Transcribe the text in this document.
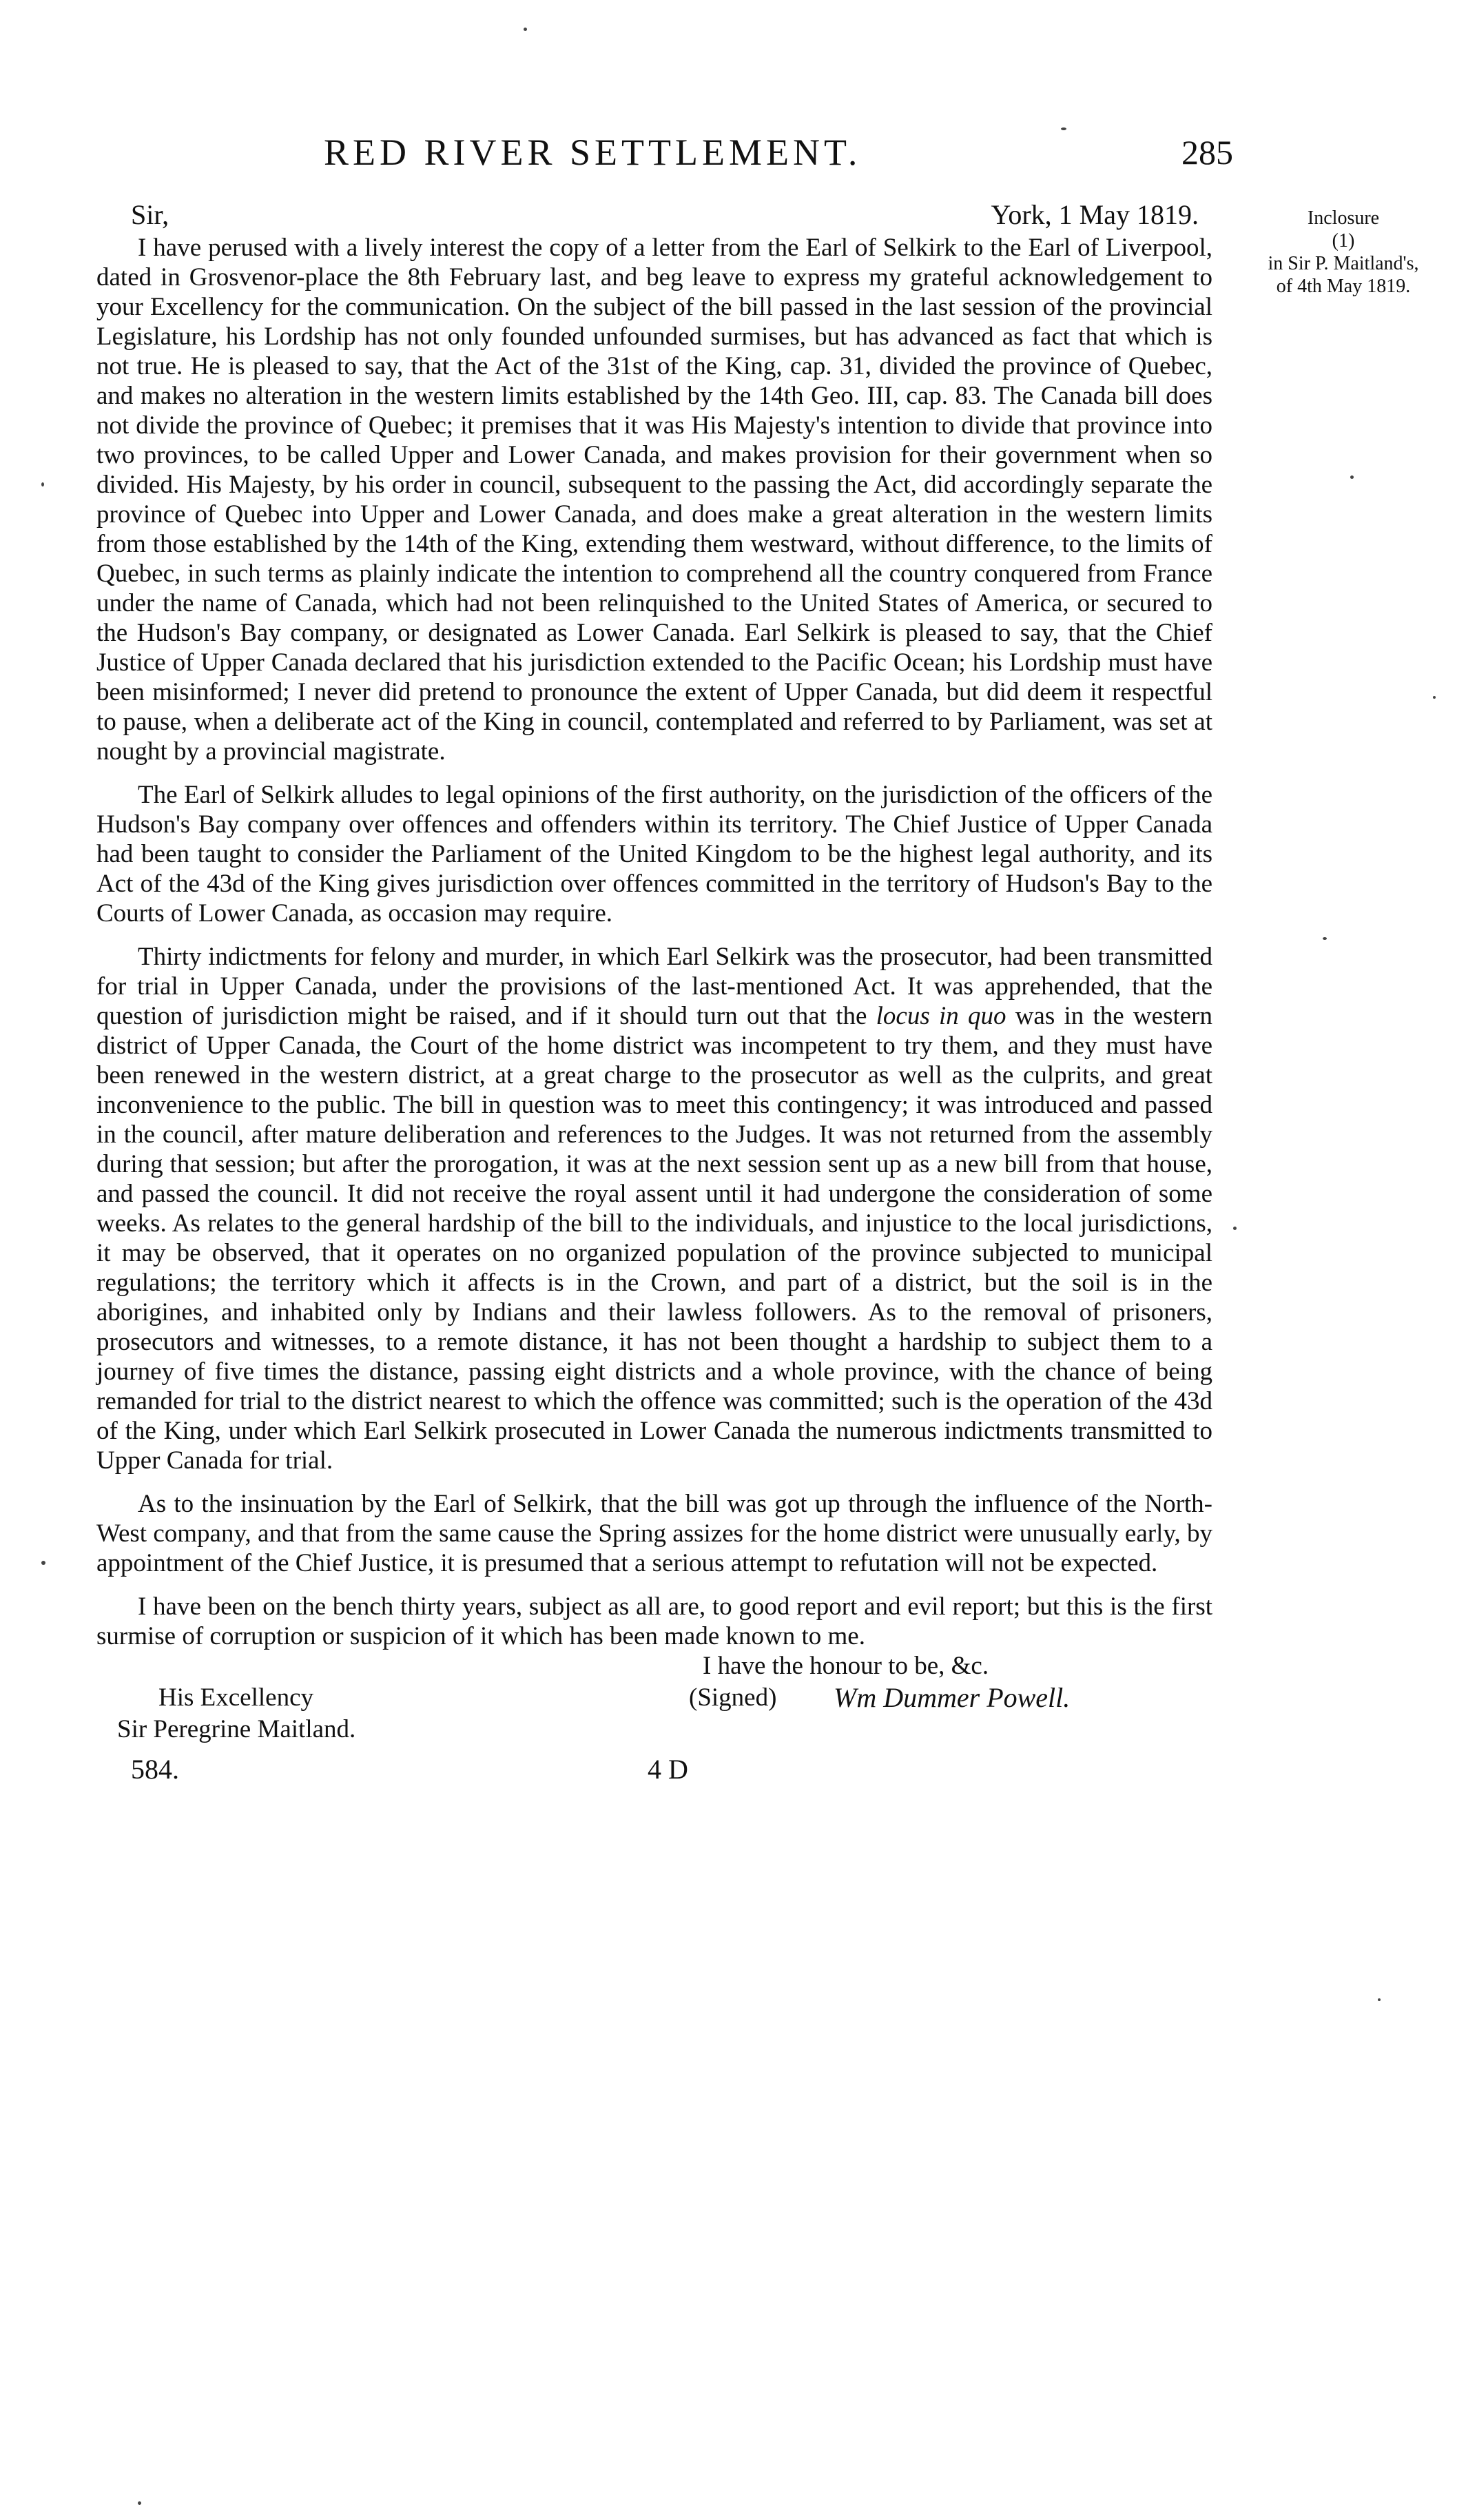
RED RIVER SETTLEMENT.	285
Inclosure
(1)
in Sir P. Maitland's,
of 4th May 1819.
Sir,	York, 1 May 1819.

I have perused with a lively interest the copy of a letter from the Earl of Selkirk to the Earl of Liverpool, dated in Grosvenor-place the 8th February last, and beg leave to express my grateful acknowledgement to your Excellency for the communication. On the subject of the bill passed in the last session of the provincial Legislature, his Lordship has not only founded unfounded surmises, but has advanced as fact that which is not true. He is pleased to say, that the Act of the 31st of the King, cap. 31, divided the province of Quebec, and makes no alteration in the western limits established by the 14th Geo. III, cap. 83. The Canada bill does not divide the province of Quebec; it premises that it was His Majesty's intention to divide that province into two provinces, to be called Upper and Lower Canada, and makes provision for their government when so divided. His Majesty, by his order in council, subsequent to the passing the Act, did accordingly separate the province of Quebec into Upper and Lower Canada, and does make a great alteration in the western limits from those established by the 14th of the King, extending them westward, without difference, to the limits of Quebec, in such terms as plainly indicate the intention to comprehend all the country conquered from France under the name of Canada, which had not been relinquished to the United States of America, or secured to the Hudson's Bay company, or designated as Lower Canada. Earl Selkirk is pleased to say, that the Chief Justice of Upper Canada declared that his jurisdiction extended to the Pacific Ocean; his Lordship must have been misinformed; I never did pretend to pronounce the extent of Upper Canada, but did deem it respectful to pause, when a deliberate act of the King in council, contemplated and referred to by Parliament, was set at nought by a provincial magistrate.

The Earl of Selkirk alludes to legal opinions of the first authority, on the jurisdiction of the officers of the Hudson's Bay company over offences and offenders within its territory. The Chief Justice of Upper Canada had been taught to consider the Parliament of the United Kingdom to be the highest legal authority, and its Act of the 43d of the King gives jurisdiction over offences committed in the territory of Hudson's Bay to the Courts of Lower Canada, as occasion may require.

Thirty indictments for felony and murder, in which Earl Selkirk was the prosecutor, had been transmitted for trial in Upper Canada, under the provisions of the last-mentioned Act. It was apprehended, that the question of jurisdiction might be raised, and if it should turn out that the locus in quo was in the western district of Upper Canada, the Court of the home district was incompetent to try them, and they must have been renewed in the western district, at a great charge to the prosecutor as well as the culprits, and great inconvenience to the public. The bill in question was to meet this contingency; it was introduced and passed in the council, after mature deliberation and references to the Judges. It was not returned from the assembly during that session; but after the prorogation, it was at the next session sent up as a new bill from that house, and passed the council. It did not receive the royal assent until it had undergone the consideration of some weeks. As relates to the general hardship of the bill to the individuals, and injustice to the local jurisdictions, it may be observed, that it operates on no organized population of the province subjected to municipal regulations; the territory which it affects is in the Crown, and part of a district, but the soil is in the aborigines, and inhabited only by Indians and their lawless followers. As to the removal of prisoners, prosecutors and witnesses, to a remote distance, it has not been thought a hardship to subject them to a journey of five times the distance, passing eight districts and a whole province, with the chance of being remanded for trial to the district nearest to which the offence was committed; such is the operation of the 43d of the King, under which Earl Selkirk prosecuted in Lower Canada the numerous indictments transmitted to Upper Canada for trial.

As to the insinuation by the Earl of Selkirk, that the bill was got up through the influence of the North-West company, and that from the same cause the Spring assizes for the home district were unusually early, by appointment of the Chief Justice, it is presumed that a serious attempt to refutation will not be expected.

I have been on the bench thirty years, subject as all are, to good report and evil report; but this is the first surmise of corruption or suspicion of it which has been made known to me.

I have the honour to be, &c.
His Excellency	(Signed) Wm Dummer Powell.
Sir Peregrine Maitland.
584.	4 D
